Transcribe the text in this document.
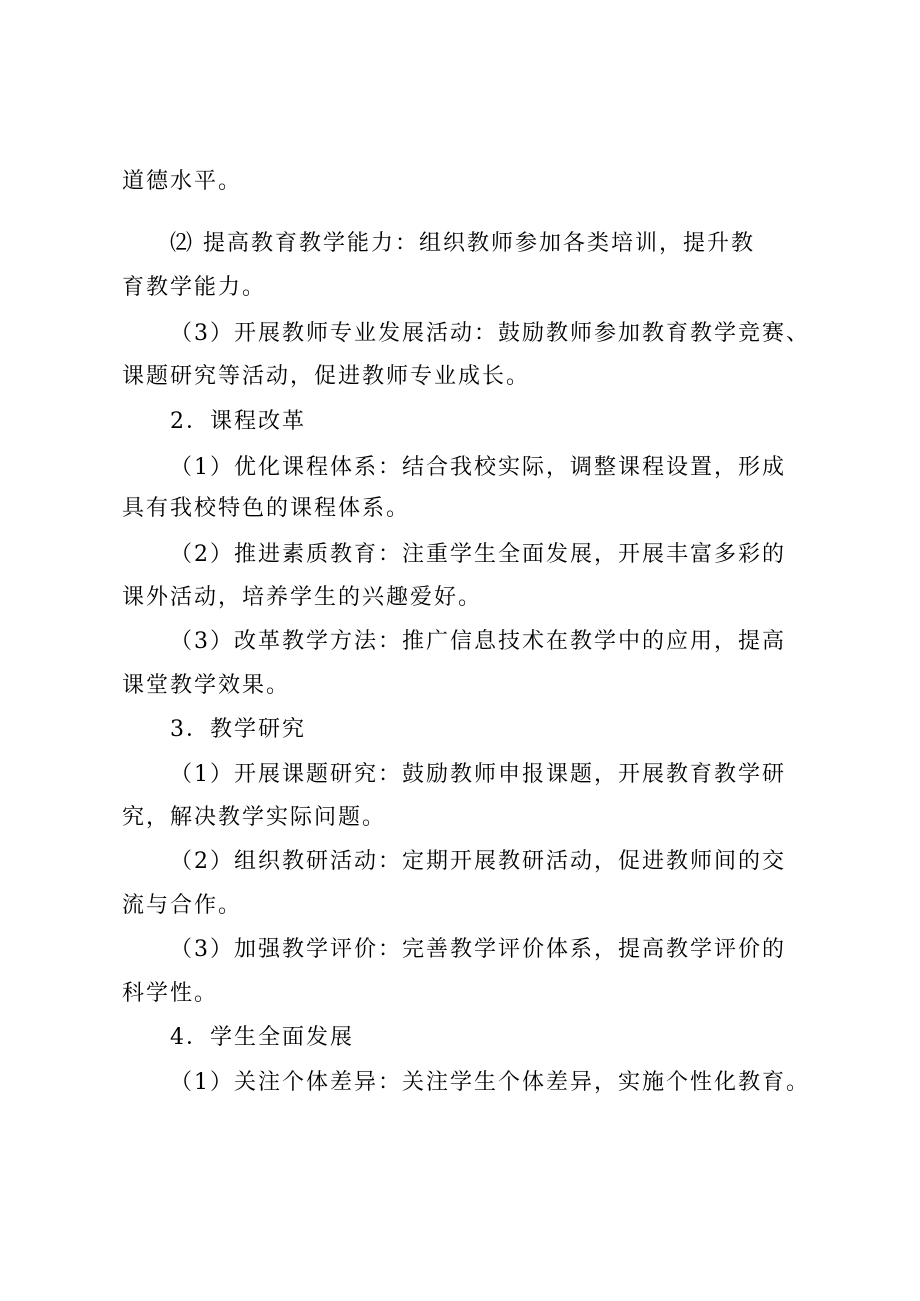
道德水平。

⑵ 提高教育教学能力：组织教师参加各类培训，提升教

育教学能力。

（3）开展教师专业发展活动：鼓励教师参加教育教学竞赛、

课题研究等活动，促进教师专业成长。

2．课程改革

（1）优化课程体系：结合我校实际，调整课程设置，形成

具有我校特色的课程体系。

（2）推进素质教育：注重学生全面发展，开展丰富多彩的

课外活动，培养学生的兴趣爱好。

（3）改革教学方法：推广信息技术在教学中的应用，提高

课堂教学效果。

3．教学研究

（1）开展课题研究：鼓励教师申报课题，开展教育教学研

究，解决教学实际问题。

（2）组织教研活动：定期开展教研活动，促进教师间的交

流与合作。

（3）加强教学评价：完善教学评价体系，提高教学评价的

科学性。

4．学生全面发展

（1）关注个体差异：关注学生个体差异，实施个性化教育。
